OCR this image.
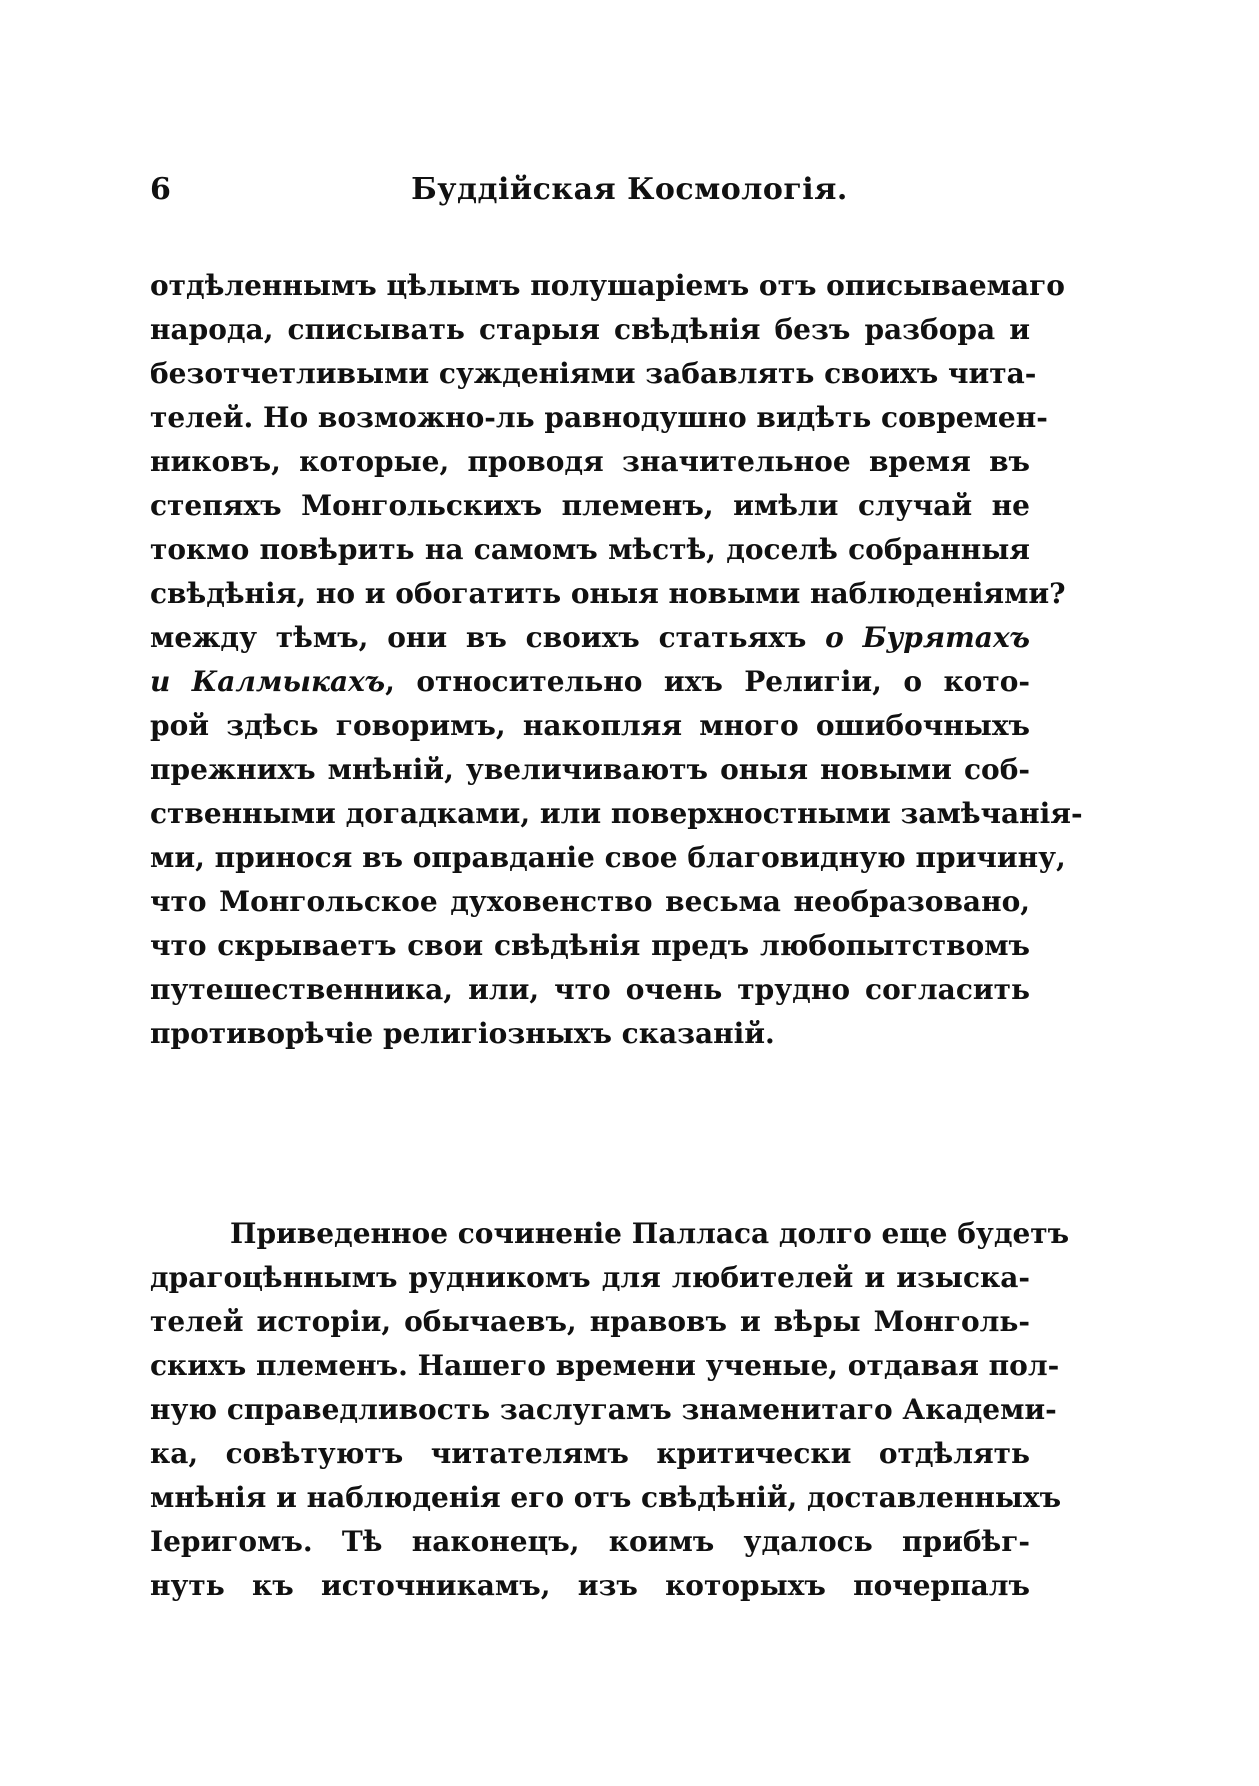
6	Буддійская Космологія.
отдѣленнымъ цѣлымъ полушаріемъ отъ описываемаго
народа, списывать старыя свѣдѣнія безъ разбора и
безотчетливыми сужденіями забавлять своихъ чита-
телей. Но возможно-ль равнодушно видѣть современ-
никовъ, которые, проводя значительное время въ
степяхъ Монгольскихъ племенъ, имѣли случай не
токмо повѣрить на самомъ мѣстѣ, доселѣ собранныя
свѣдѣнія, но и обогатить оныя новыми наблюденіями?
между тѣмъ, они въ своихъ статьяхъ о Бурятахъ
и Калмыкахъ, относительно ихъ Религіи, о кото-
рой здѣсь говоримъ, накопляя много ошибочныхъ
прежнихъ мнѣній, увеличиваютъ оныя новыми соб-
ственными догадками, или поверхностными замѣчанія-
ми, принося въ оправданіе свое благовидную причину,
что Монгольское духовенство весьма необразовано,
что скрываетъ свои свѣдѣнія предъ любопытствомъ
путешественника, или, что очень трудно согласить
противорѣчіе религіозныхъ сказаній.
Приведенное сочиненіе Палласа долго еще будетъ
драгоцѣннымъ рудникомъ для любителей и изыска-
телей исторіи, обычаевъ, нравовъ и вѣры Монголь-
скихъ племенъ. Нашего времени ученые, отдавая пол-
ную справедливость заслугамъ знаменитаго Академи-
ка, совѣтуютъ читателямъ критически отдѣлять
мнѣнія и наблюденія его отъ свѣдѣній, доставленныхъ
Іеригомъ. Тѣ наконецъ, коимъ удалось прибѣг-
нуть къ источникамъ, изъ которыхъ почерпалъ
